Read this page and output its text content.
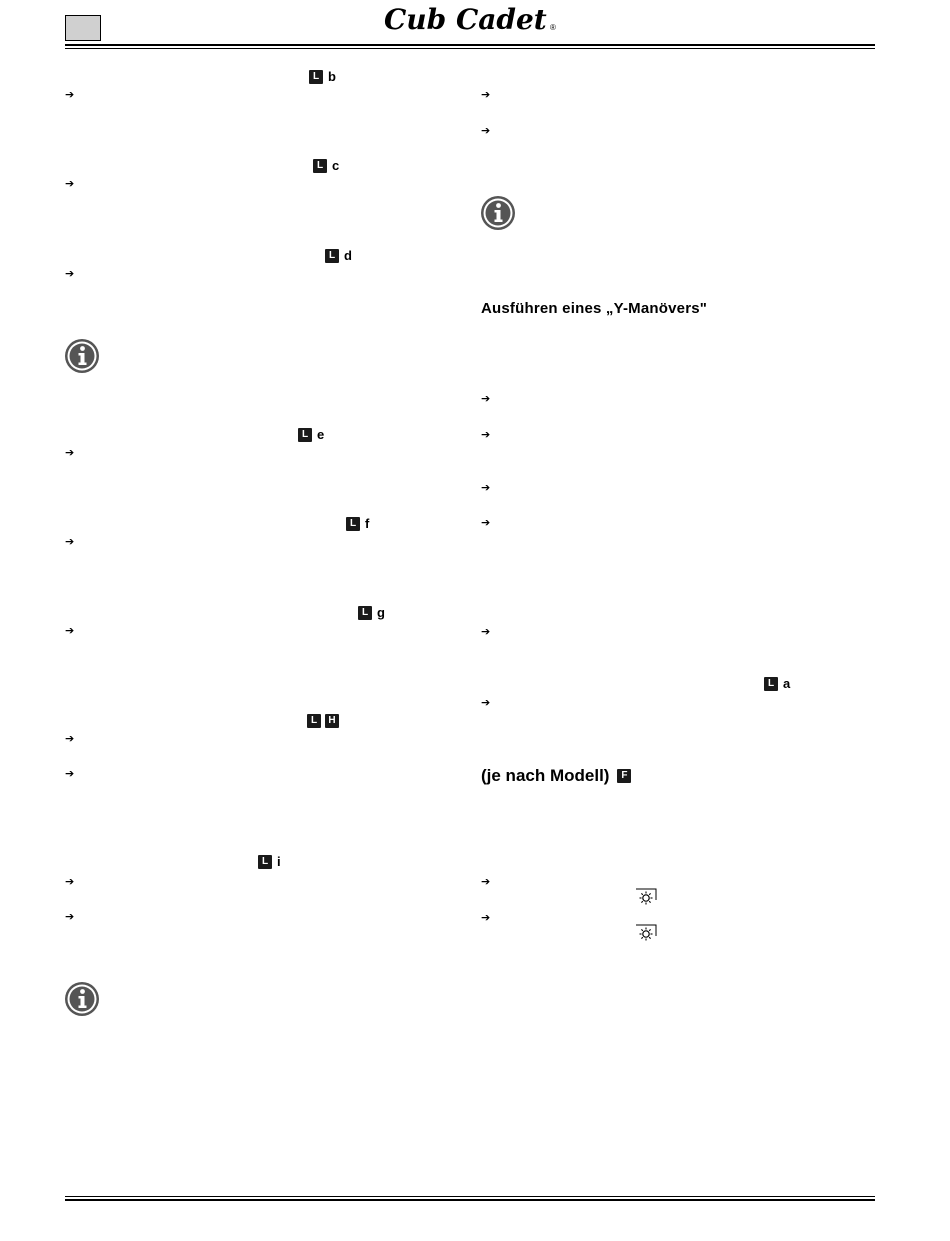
Cub Cadet ®
L b
➔
L c
➔
L d
➔
L e
➔
L f
➔
L g
➔
L	H
➔
➔
L i
➔
➔
➔
➔
Ausführen eines „Y-Manövers"
➔
➔
➔
➔
➔
L a
➔
(je nach Modell)	F
➔
➔
